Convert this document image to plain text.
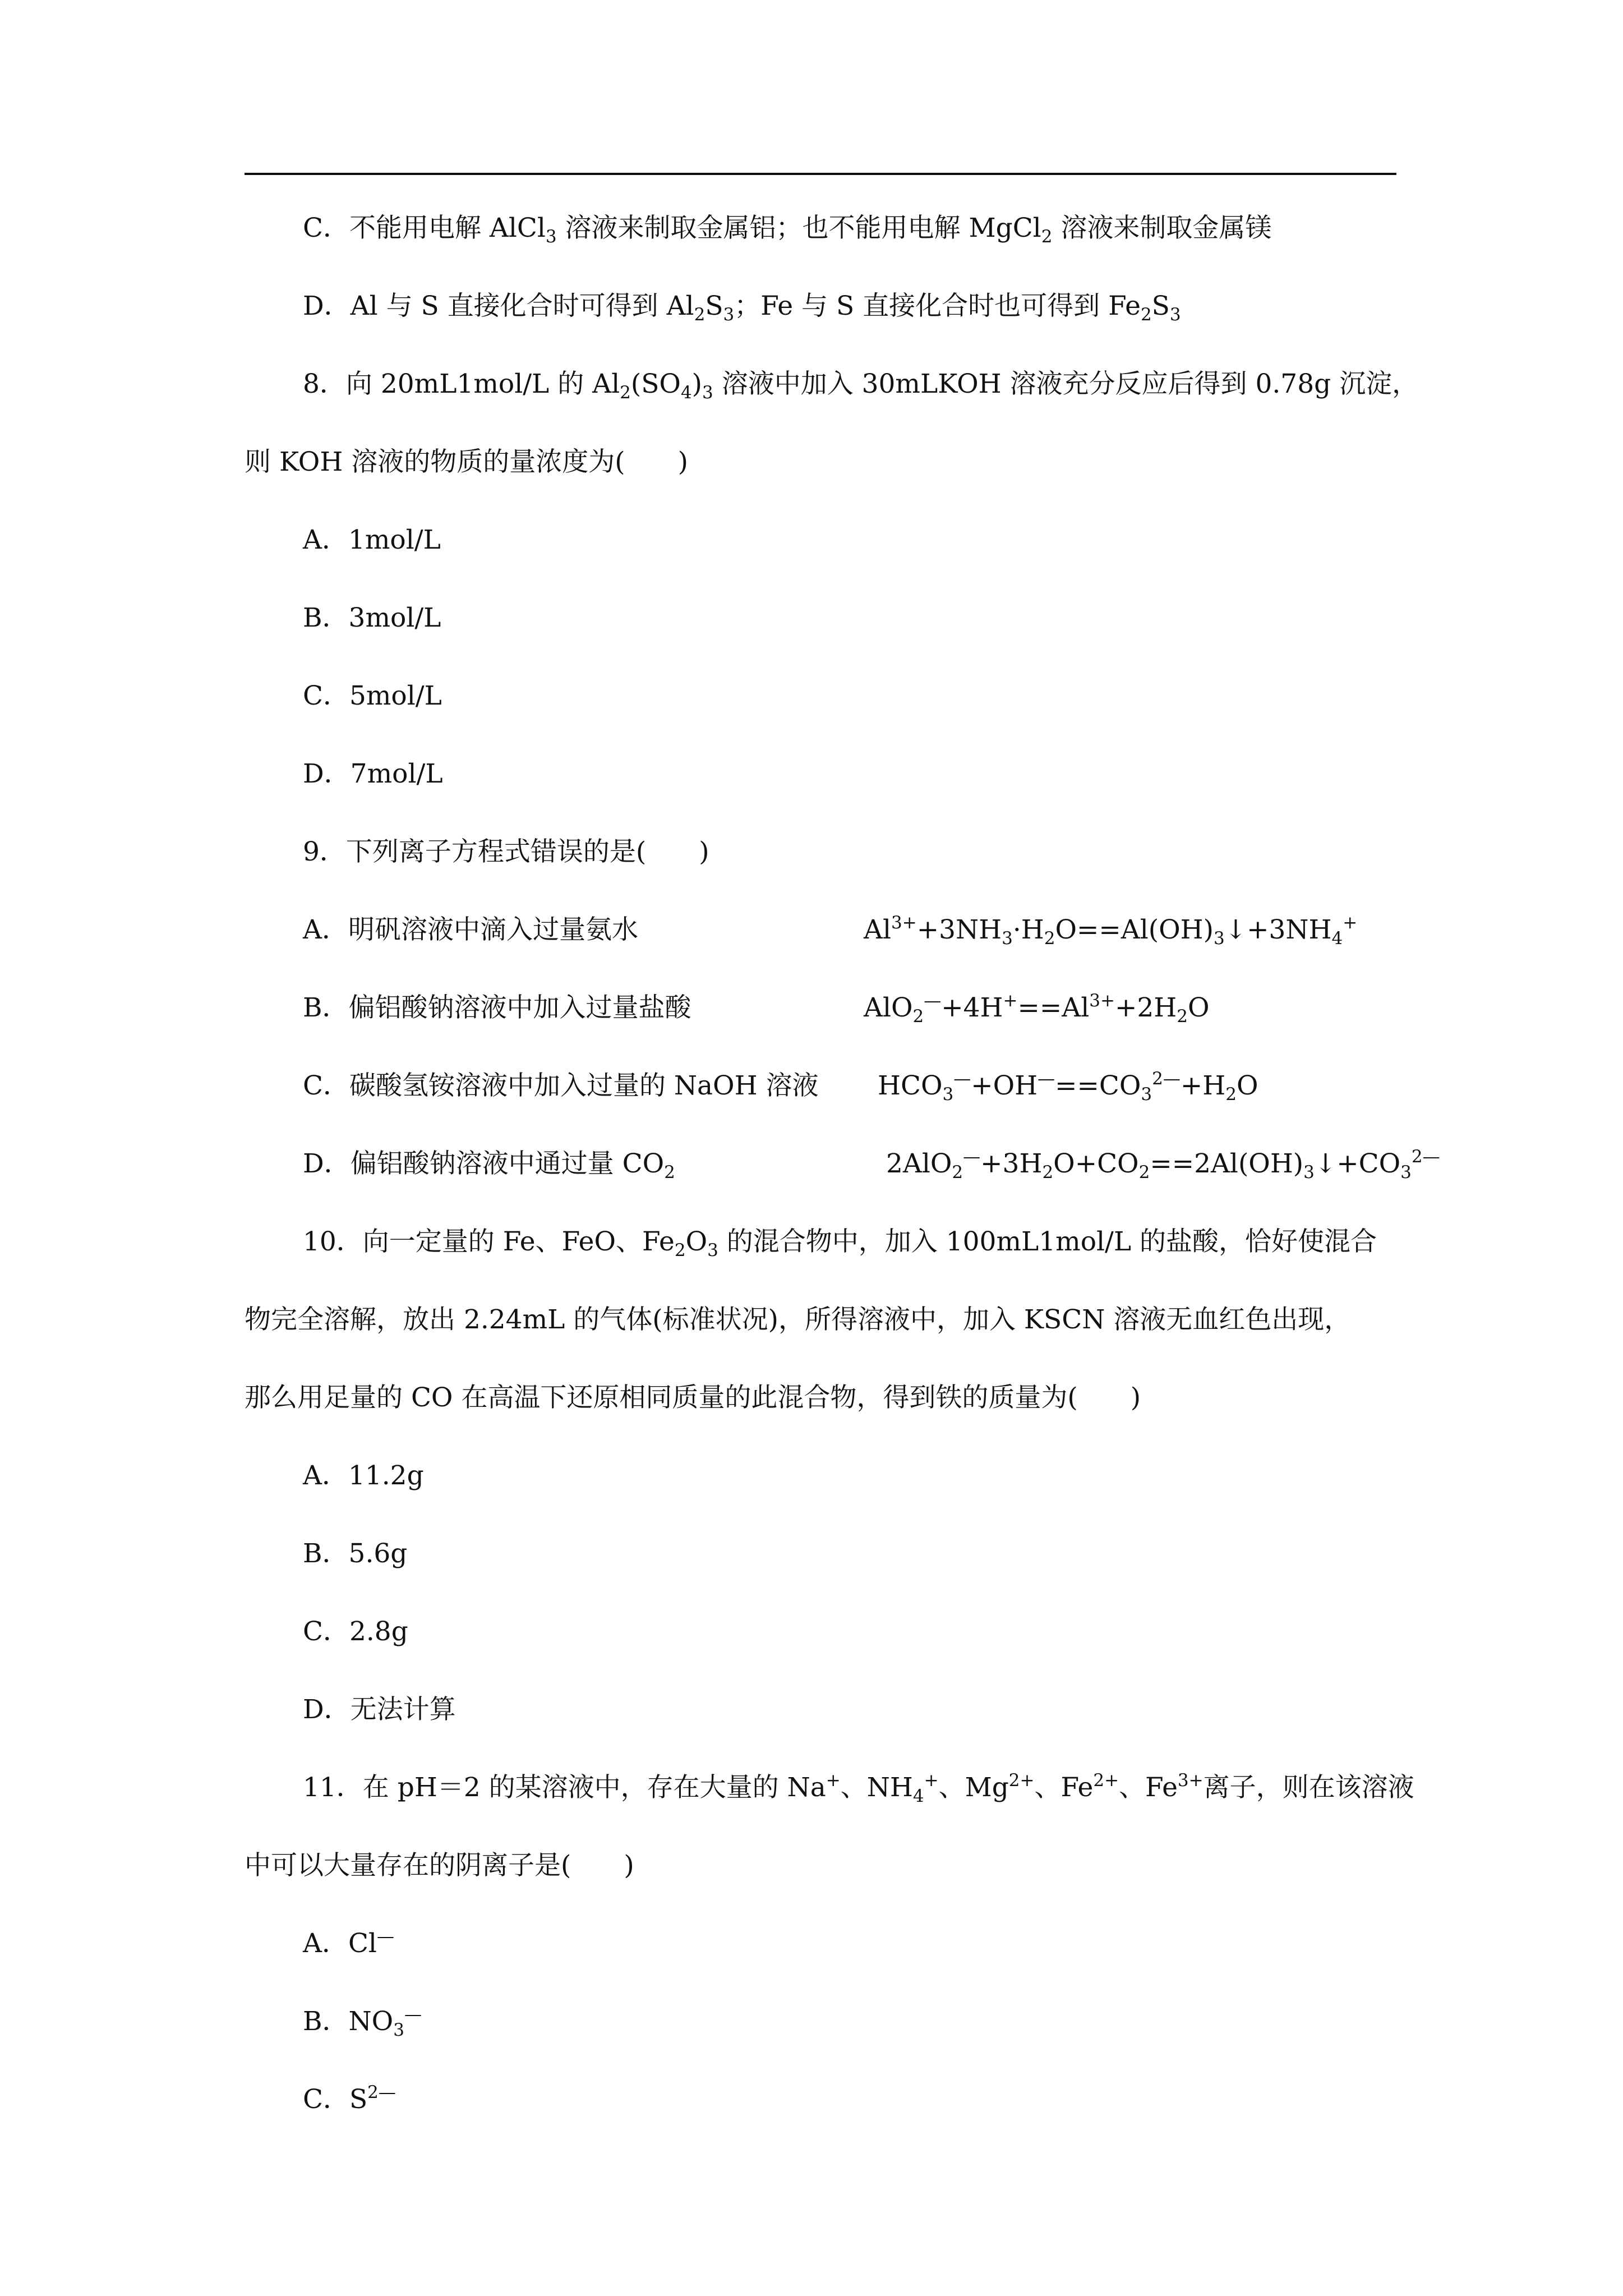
C．不能用电解 AlCl$_3$ 溶液来制取金属铝；也不能用电解 MgCl$_2$ 溶液来制取金属镁
D．Al 与 S 直接化合时可得到 $Al_2S_3$；Fe 与 S 直接化合时也可得到 $Fe_2S_3$
8．向 20mL1mol/L 的 $Al_2(SO_4)_3$ 溶液中加入 30mLKOH 溶液充分反应后得到 0.78g 沉淀，
则 KOH 溶液的物质的量浓度为(　　)
A．1mol/L
B．3mol/L
C．5mol/L
D．7mol/L
9．下列离子方程式错误的是(　　)
A．明矾溶液中滴入过量氨水
B．偏铝酸钠溶液中加入过量盐酸
C．碳酸氢铵溶液中加入过量的 NaOH 溶液
D．偏铝酸钠溶液中通过量 $CO_2$
10．向一定量的 Fe、FeO、$Fe_2O_3$ 的混合物中，加入 100mL1mol/L 的盐酸，恰好使混合
物完全溶解，放出 2.24mL 的气体(标准状况)，所得溶液中，加入 KSCN 溶液无血红色出现，
那么用足量的 CO 在高温下还原相同质量的此混合物，得到铁的质量为(　　)
A．11.2g
B．5.6g
C．2.8g
D．无法计算
11．在 pH＝2 的某溶液中，存在大量的 Na+、$NH_4^+$、$Mg^{2+}$、$Fe^{2+}$、$Fe^{3+}$离子，则在该溶液
中可以大量存在的阴离子是(　　)
A．Cl—
B．$NO_3^—$
C．$S^{2—}$
$Al^{3+}+3NH_3\cdot H_2O==Al(OH)_3↓+3NH_4^+$
$AlO_2^—+4H^+==Al^{3+}+2H_2O$
$HCO_3^—+OH^—==CO_3^{2—}+H_2O$
$2AlO_2^—+3H_2O+CO_2==2Al(OH)_3↓+CO_3^{2—}$
